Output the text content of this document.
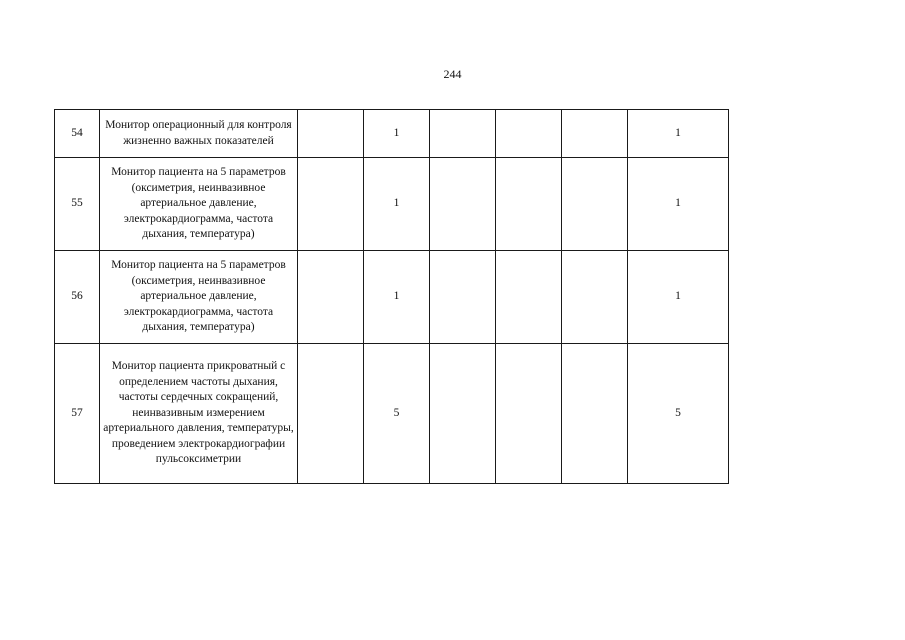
244
54	Монитор операционный для контроля жизненно важных показателей		1				1
55	Монитор пациента на 5 параметров (оксиметрия, неинвазивное артериальное давление, электрокардиограмма, частота дыхания, температура)		1				1
56	Монитор пациента на 5 параметров (оксиметрия, неинвазивное артериальное давление, электрокардиограмма, частота дыхания, температура)		1				1
57	Монитор пациента прикроватный с определением частоты дыхания, частоты сердечных сокращений, неинвазивным измерением артериального давления, температуры, проведением электрокардиографии пульсоксиметрии		5				5
